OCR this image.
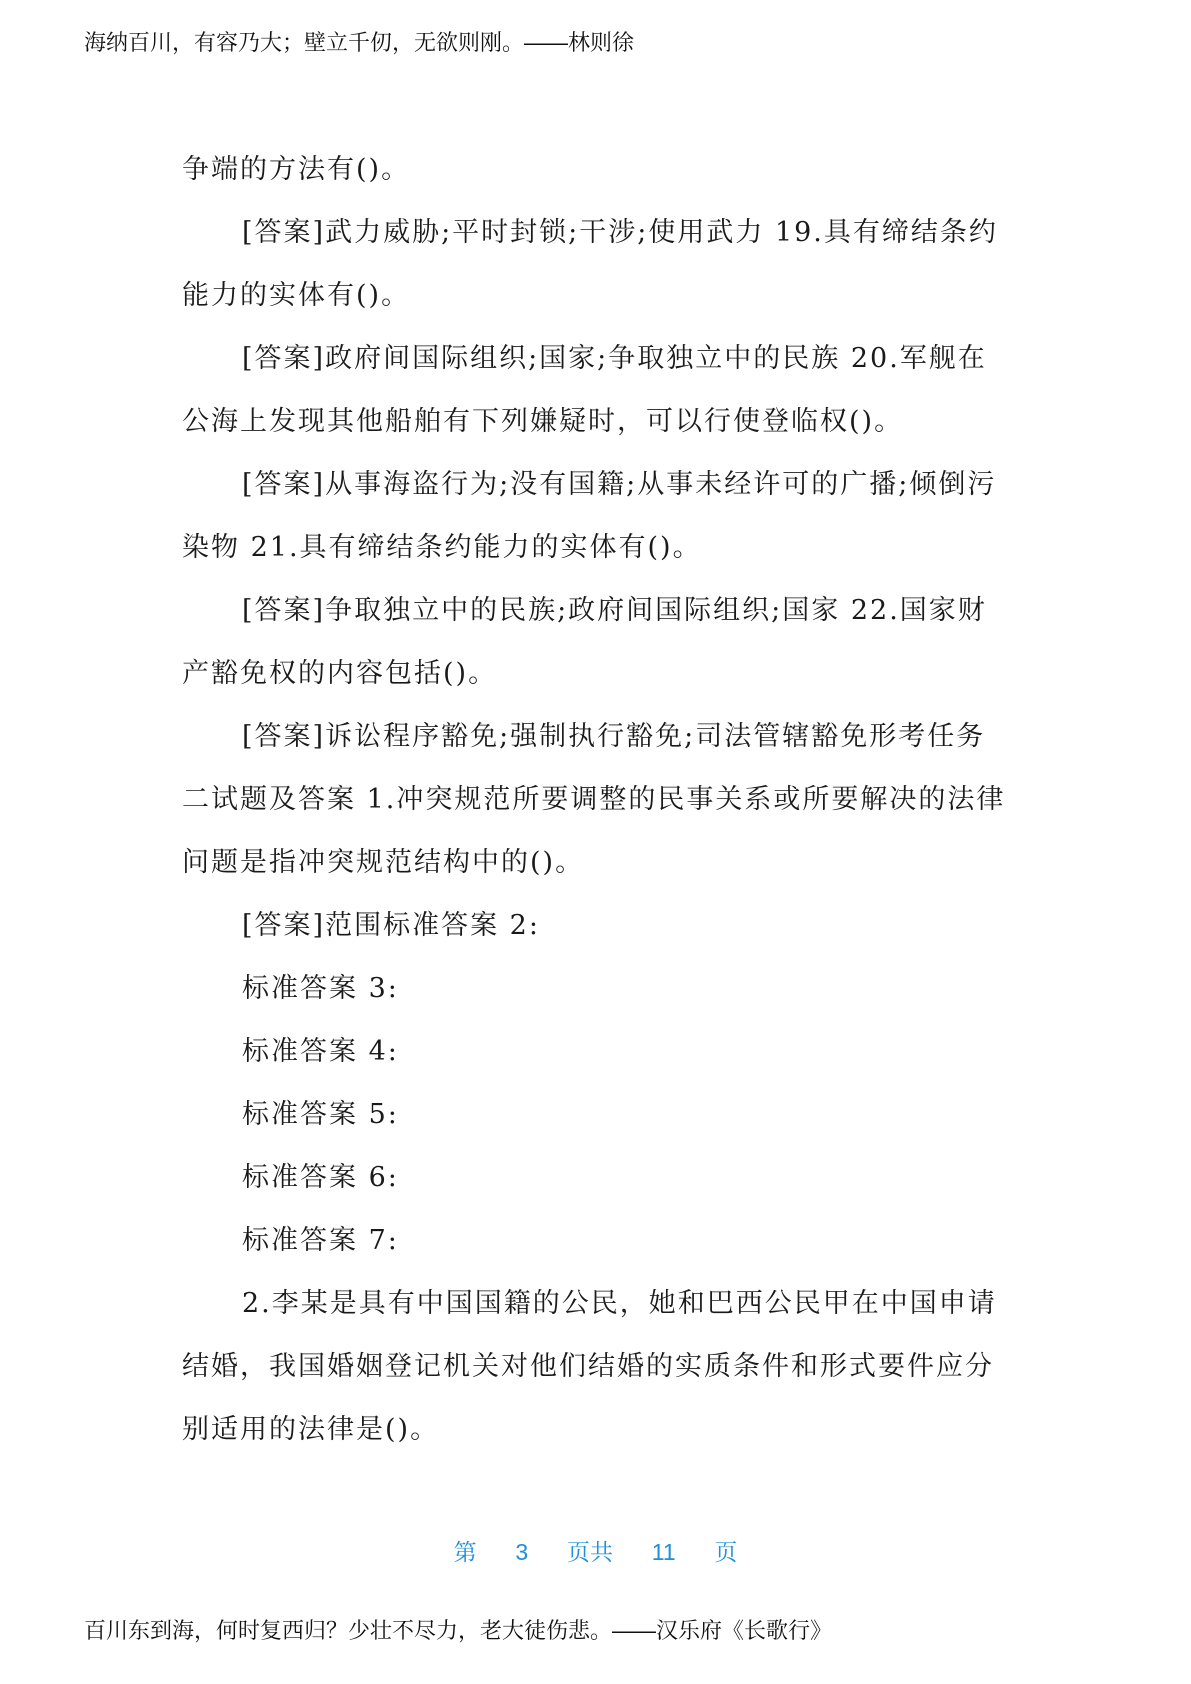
海纳百川，有容乃大；壁立千仞，无欲则刚。——林则徐

争端的方法有()。

[答案]武力威胁;平时封锁;干涉;使用武力 19.具有缔结条约能力的实体有()。

[答案]政府间国际组织;国家;争取独立中的民族 20.军舰在公海上发现其他船舶有下列嫌疑时，可以行使登临权()。

[答案]从事海盗行为;没有国籍;从事未经许可的广播;倾倒污染物 21.具有缔结条约能力的实体有()。

[答案]争取独立中的民族;政府间国际组织;国家 22.国家财产豁免权的内容包括()。

[答案]诉讼程序豁免;强制执行豁免;司法管辖豁免形考任务二试题及答案 1.冲突规范所要调整的民事关系或所要解决的法律问题是指冲突规范结构中的()。

[答案]范围标准答案 2:

标准答案 3:

标准答案 4:

标准答案 5:

标准答案 6:

标准答案 7:

2.李某是具有中国国籍的公民，她和巴西公民甲在中国申请结婚，我国婚姻登记机关对他们结婚的实质条件和形式要件应分别适用的法律是()。

第 3 页共 11 页
百川东到海，何时复西归？少壮不尽力，老大徒伤悲。——汉乐府《长歌行》
